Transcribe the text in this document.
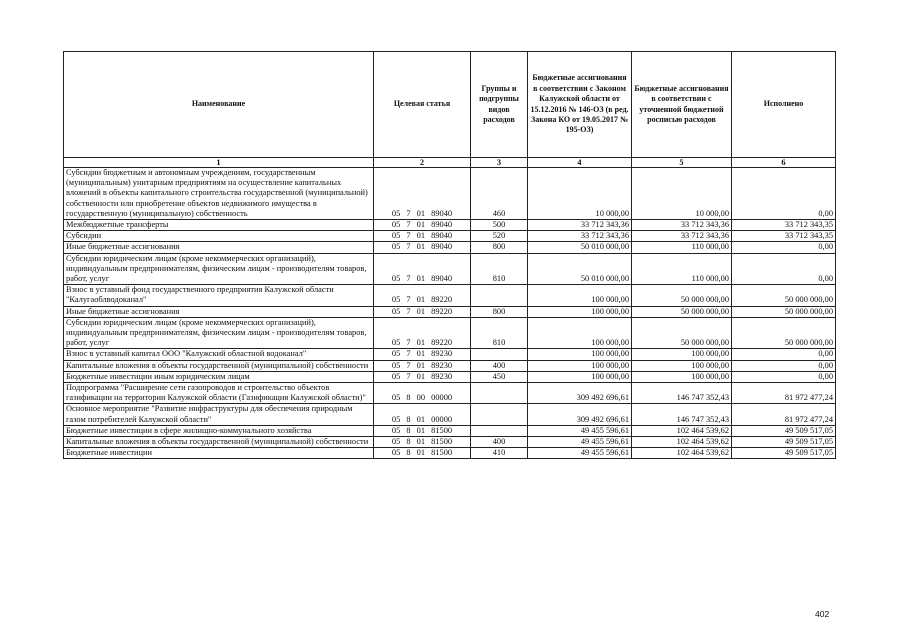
Наименование	Целевая статья	Группы и подгруппы видов расходов	Бюджетные ассигнования в соответствии с Законом Калужской области от 15.12.2016 № 146-ОЗ (в ред. Закона КО от 19.05.2017 № 195-ОЗ)	Бюджетные ассигнования в соответствии с уточненной бюджетной росписью расходов	Исполнено
1	2	3	4	5	6
Субсидии бюджетным и автономным учреждениям, государственным (муниципальным) унитарным предприятиям на осуществление капитальных вложений в объекты капитального строительства государственной (муниципальной) собственности или приобретение объектов недвижимого имущества в государственную (муниципальную) собственность	05 7 01 89040	460	10 000,00	10 000,00	0,00
Межбюджетные трансферты	05 7 01 89040	500	33 712 343,36	33 712 343,36	33 712 343,35
Субсидии	05 7 01 89040	520	33 712 343,36	33 712 343,36	33 712 343,35
Иные бюджетные ассигнования	05 7 01 89040	800	50 010 000,00	110 000,00	0,00
Субсидии юридическим лицам (кроме некоммерческих организаций), индивидуальным предпринимателям, физическим лицам - производителям товаров, работ, услуг	05 7 01 89040	810	50 010 000,00	110 000,00	0,00
Взнос в уставный фонд государственного предприятия Калужской области "Калугаоблводоканал"	05 7 01 89220		100 000,00	50 000 000,00	50 000 000,00
Иные бюджетные ассигнования	05 7 01 89220	800	100 000,00	50 000 000,00	50 000 000,00
Субсидии юридическим лицам (кроме некоммерческих организаций), индивидуальным предпринимателям, физическим лицам - производителям товаров, работ, услуг	05 7 01 89220	810	100 000,00	50 000 000,00	50 000 000,00
Взнос в уставный капитал ООО "Калужский областной водоканал"	05 7 01 89230		100 000,00	100 000,00	0,00
Капитальные вложения в объекты государственной (муниципальной) собственности	05 7 01 89230	400	100 000,00	100 000,00	0,00
Бюджетные инвестиции иным юридическим лицам	05 7 01 89230	450	100 000,00	100 000,00	0,00
Подпрограмма "Расширение сети газопроводов и строительство объектов газификации на территории Калужской области (Газификация Калужской области)"	05 8 00 00000		309 492 696,61	146 747 352,43	81 972 477,24
Основное мероприятие "Развитие инфраструктуры для обеспечения природным газом потребителей Калужской области"	05 8 01 00000		309 492 696,61	146 747 352,43	81 972 477,24
Бюджетные инвестиции в сфере жилищно-коммунального хозяйства	05 8 01 81500		49 455 596,61	102 464 539,62	49 509 517,05
Капитальные вложения в объекты государственной (муниципальной) собственности	05 8 01 81500	400	49 455 596,61	102 464 539,62	49 509 517,05
Бюджетные инвестиции	05 8 01 81500	410	49 455 596,61	102 464 539,62	49 509 517,05
402
